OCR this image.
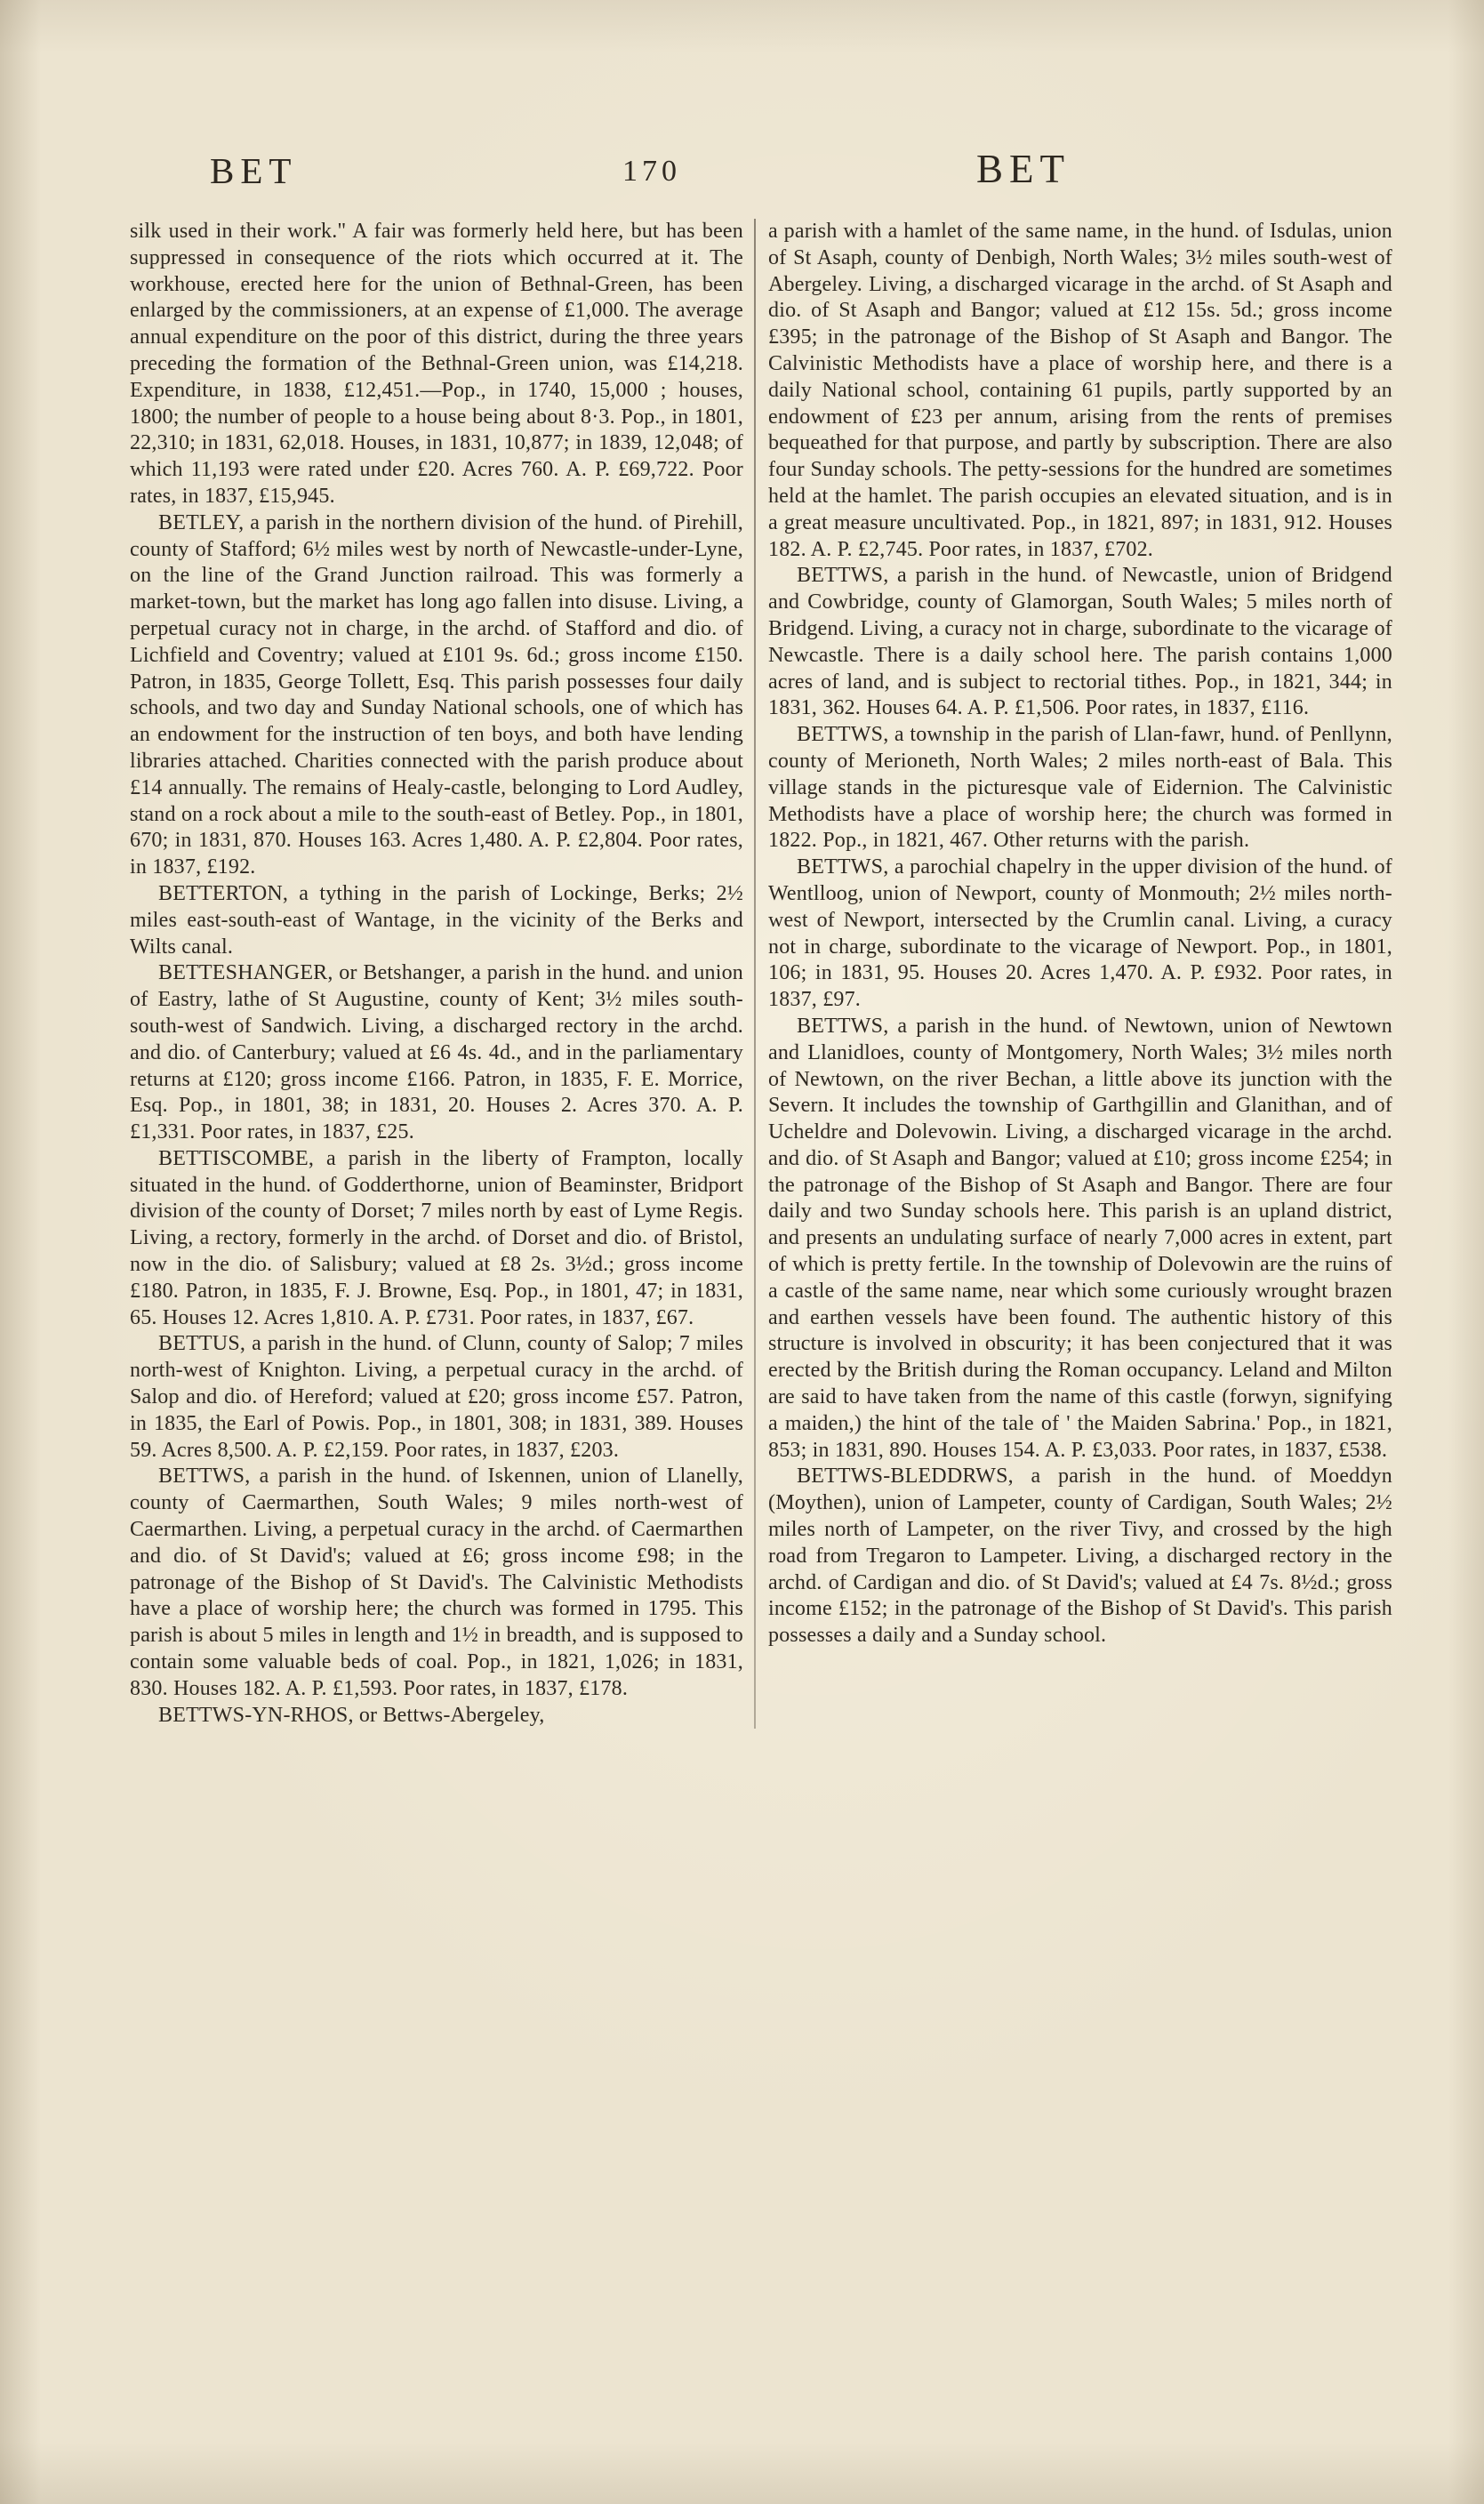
BET	170	BET

silk used in their work." A fair was formerly held here, but has been suppressed in consequence of the riots which occurred at it. The workhouse, erected here for the union of Bethnal-Green, has been enlarged by the commissioners, at an expense of £1,000. The average annual expenditure on the poor of this district, during the three years preceding the formation of the Bethnal-Green union, was £14,218. Expenditure, in 1838, £12,451.—Pop., in 1740, 15,000 ; houses, 1800; the number of people to a house being about 8·3. Pop., in 1801, 22,310; in 1831, 62,018. Houses, in 1831, 10,877; in 1839, 12,048; of which 11,193 were rated under £20. Acres 760. A. P. £69,722. Poor rates, in 1837, £15,945.

BETLEY, a parish in the northern division of the hund. of Pirehill, county of Stafford; 6½ miles west by north of Newcastle-under-Lyne, on the line of the Grand Junction railroad. This was formerly a market-town, but the market has long ago fallen into disuse. Living, a perpetual curacy not in charge, in the archd. of Stafford and dio. of Lichfield and Coventry; valued at £101 9s. 6d.; gross income £150. Patron, in 1835, George Tollett, Esq. This parish possesses four daily schools, and two day and Sunday National schools, one of which has an endowment for the instruction of ten boys, and both have lending libraries attached. Charities connected with the parish produce about £14 annually. The remains of Healy-castle, belonging to Lord Audley, stand on a rock about a mile to the south-east of Betley. Pop., in 1801, 670; in 1831, 870. Houses 163. Acres 1,480. A. P. £2,804. Poor rates, in 1837, £192.

BETTERTON, a tything in the parish of Lockinge, Berks; 2½ miles east-south-east of Wantage, in the vicinity of the Berks and Wilts canal.

BETTESHANGER, or Betshanger, a parish in the hund. and union of Eastry, lathe of St Augustine, county of Kent; 3½ miles south-south-west of Sandwich. Living, a discharged rectory in the archd. and dio. of Canterbury; valued at £6 4s. 4d., and in the parliamentary returns at £120; gross income £166. Patron, in 1835, F. E. Morrice, Esq. Pop., in 1801, 38; in 1831, 20. Houses 2. Acres 370. A. P. £1,331. Poor rates, in 1837, £25.

BETTISCOMBE, a parish in the liberty of Frampton, locally situated in the hund. of Godderthorne, union of Beaminster, Bridport division of the county of Dorset; 7 miles north by east of Lyme Regis. Living, a rectory, formerly in the archd. of Dorset and dio. of Bristol, now in the dio. of Salisbury; valued at £8 2s. 3½d.; gross income £180. Patron, in 1835, F. J. Browne, Esq. Pop., in 1801, 47; in 1831, 65. Houses 12. Acres 1,810. A. P. £731. Poor rates, in 1837, £67.

BETTUS, a parish in the hund. of Clunn, county of Salop; 7 miles north-west of Knighton. Living, a perpetual curacy in the archd. of Salop and dio. of Hereford; valued at £20; gross income £57. Patron, in 1835, the Earl of Powis. Pop., in 1801, 308; in 1831, 389. Houses 59. Acres 8,500. A. P. £2,159. Poor rates, in 1837, £203.

BETTWS, a parish in the hund. of Iskennen, union of Llanelly, county of Caermarthen, South Wales; 9 miles north-west of Caermarthen. Living, a perpetual curacy in the archd. of Caermarthen and dio. of St David's; valued at £6; gross income £98; in the patronage of the Bishop of St David's. The Calvinistic Methodists have a place of worship here; the church was formed in 1795. This parish is about 5 miles in length and 1½ in breadth, and is supposed to contain some valuable beds of coal. Pop., in 1821, 1,026; in 1831, 830. Houses 182. A. P. £1,593. Poor rates, in 1837, £178.

BETTWS-YN-RHOS, or Bettws-Abergeley,

a parish with a hamlet of the same name, in the hund. of Isdulas, union of St Asaph, county of Denbigh, North Wales; 3½ miles south-west of Abergeley. Living, a discharged vicarage in the archd. of St Asaph and dio. of St Asaph and Bangor; valued at £12 15s. 5d.; gross income £395; in the patronage of the Bishop of St Asaph and Bangor. The Calvinistic Methodists have a place of worship here, and there is a daily National school, containing 61 pupils, partly supported by an endowment of £23 per annum, arising from the rents of premises bequeathed for that purpose, and partly by subscription. There are also four Sunday schools. The petty-sessions for the hundred are sometimes held at the hamlet. The parish occupies an elevated situation, and is in a great measure uncultivated. Pop., in 1821, 897; in 1831, 912. Houses 182. A. P. £2,745. Poor rates, in 1837, £702.

BETTWS, a parish in the hund. of Newcastle, union of Bridgend and Cowbridge, county of Glamorgan, South Wales; 5 miles north of Bridgend. Living, a curacy not in charge, subordinate to the vicarage of Newcastle. There is a daily school here. The parish contains 1,000 acres of land, and is subject to rectorial tithes. Pop., in 1821, 344; in 1831, 362. Houses 64. A. P. £1,506. Poor rates, in 1837, £116.

BETTWS, a township in the parish of Llan-fawr, hund. of Penllynn, county of Merioneth, North Wales; 2 miles north-east of Bala. This village stands in the picturesque vale of Eidernion. The Calvinistic Methodists have a place of worship here; the church was formed in 1822. Pop., in 1821, 467. Other returns with the parish.

BETTWS, a parochial chapelry in the upper division of the hund. of Wentlloog, union of Newport, county of Monmouth; 2½ miles north-west of Newport, intersected by the Crumlin canal. Living, a curacy not in charge, subordinate to the vicarage of Newport. Pop., in 1801, 106; in 1831, 95. Houses 20. Acres 1,470. A. P. £932. Poor rates, in 1837, £97.

BETTWS, a parish in the hund. of Newtown, union of Newtown and Llanidloes, county of Montgomery, North Wales; 3½ miles north of Newtown, on the river Bechan, a little above its junction with the Severn. It includes the township of Garthgillin and Glanithan, and of Ucheldre and Dolevowin. Living, a discharged vicarage in the archd. and dio. of St Asaph and Bangor; valued at £10; gross income £254; in the patronage of the Bishop of St Asaph and Bangor. There are four daily and two Sunday schools here. This parish is an upland district, and presents an undulating surface of nearly 7,000 acres in extent, part of which is pretty fertile. In the township of Dolevowin are the ruins of a castle of the same name, near which some curiously wrought brazen and earthen vessels have been found. The authentic history of this structure is involved in obscurity; it has been conjectured that it was erected by the British during the Roman occupancy. Leland and Milton are said to have taken from the name of this castle (forwyn, signifying a maiden,) the hint of the tale of ' the Maiden Sabrina.' Pop., in 1821, 853; in 1831, 890. Houses 154. A. P. £3,033. Poor rates, in 1837, £538.

BETTWS-BLEDDRWS, a parish in the hund. of Moeddyn (Moythen), union of Lampeter, county of Cardigan, South Wales; 2½ miles north of Lampeter, on the river Tivy, and crossed by the high road from Tregaron to Lampeter. Living, a discharged rectory in the archd. of Cardigan and dio. of St David's; valued at £4 7s. 8½d.; gross income £152; in the patronage of the Bishop of St David's. This parish possesses a daily and a Sunday school.
